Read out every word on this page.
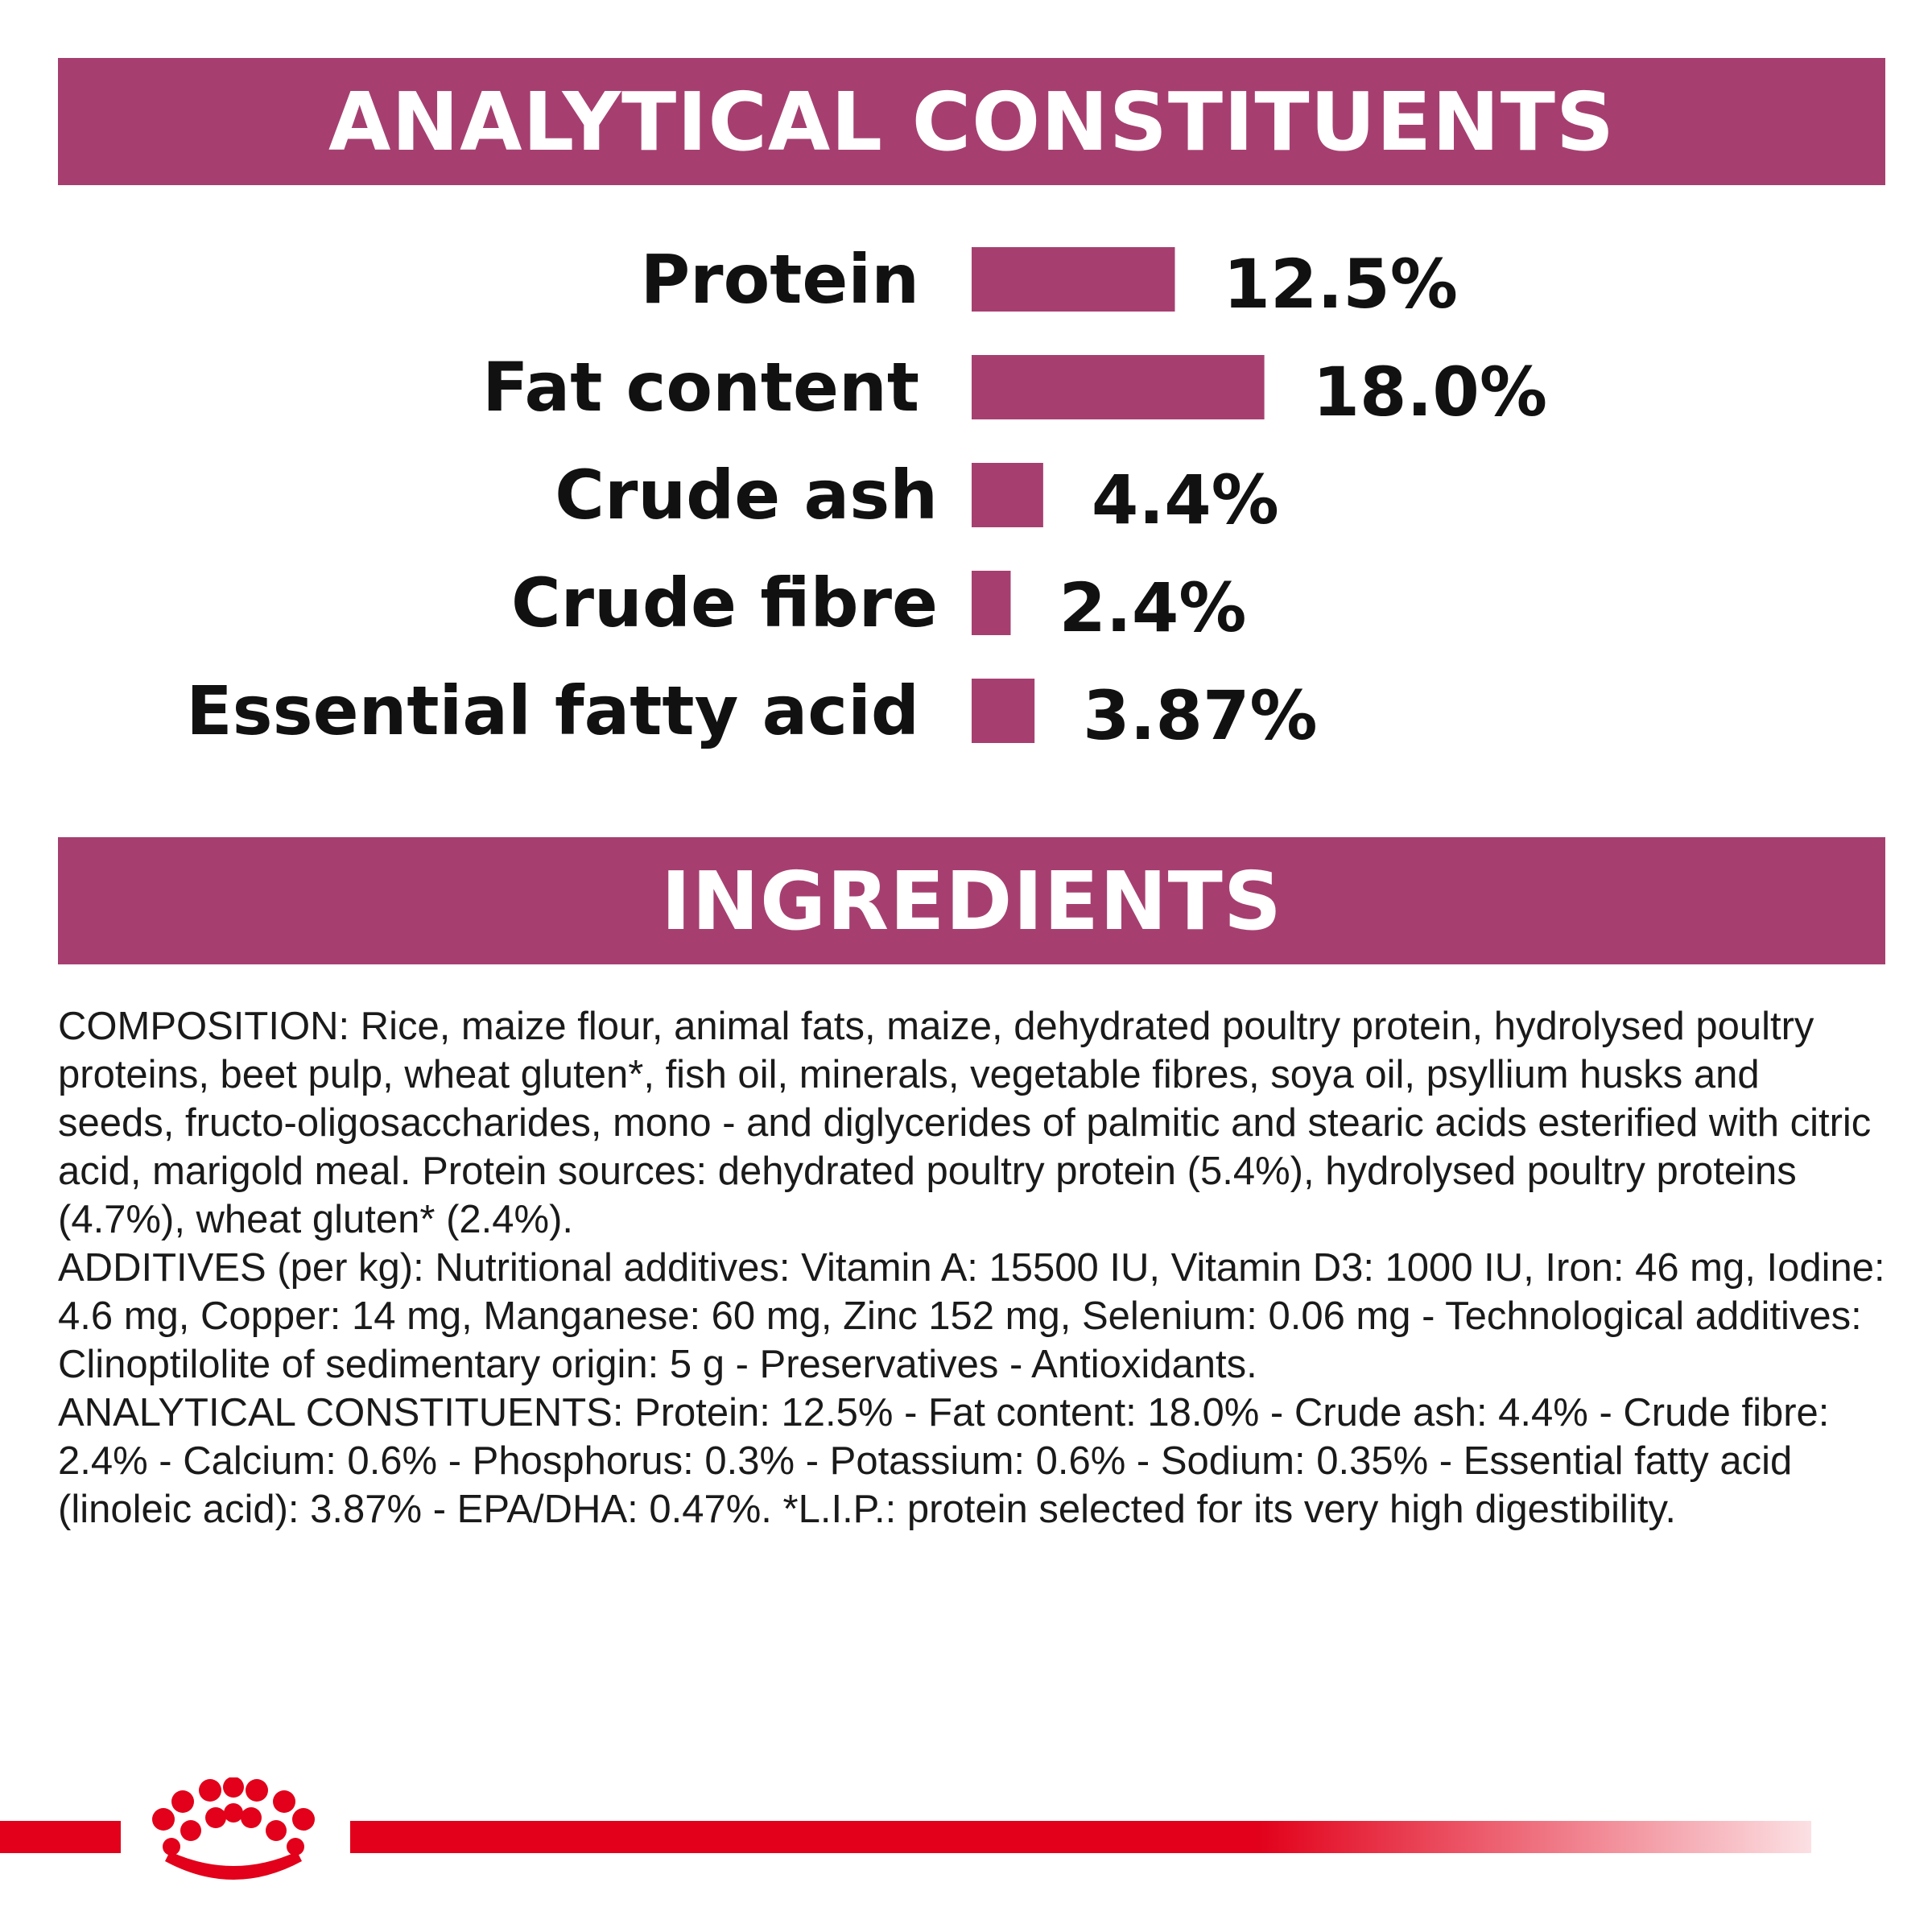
ANALYTICAL CONSTITUENTS
Protein	12.5%
Fat content	18.0%
Crude ash 4.4%
Crude fibre 2.4%
Essential fatty acid 3.87%
INGREDIENTS

COMPOSITION: Rice, maize flour, animal fats, maize, dehydrated poultry protein, hydrolysed poultry proteins, beet pulp, wheat gluten*, fish oil, minerals, vegetable fibres, soya oil, psyllium husks and seeds, fructo-oligosaccharides, mono - and diglycerides of palmitic and stearic acids esterified with citric acid, marigold meal. Protein sources: dehydrated poultry protein (5.4%), hydrolysed poultry proteins (4.7%), wheat gluten* (2.4%).

ADDITIVES (per kg): Nutritional additives: Vitamin A: 15500 IU, Vitamin D3: 1000 IU, Iron: 46 mg, Iodine: 4.6 mg, Copper: 14 mg, Manganese: 60 mg, Zinc 152 mg, Selenium: 0.06 mg - Technological additives: Clinoptilolite of sedimentary origin: 5 g - Preservatives - Antioxidants.

ANALYTICAL CONSTITUENTS: Protein: 12.5% - Fat content: 18.0% - Crude ash: 4.4% - Crude fibre: 2.4% - Calcium: 0.6% - Phosphorus: 0.3% - Potassium: 0.6% - Sodium: 0.35% - Essential fatty acid (linoleic acid): 3.87% - EPA/DHA: 0.47%. *L.I.P.: protein selected for its very high digestibility.
